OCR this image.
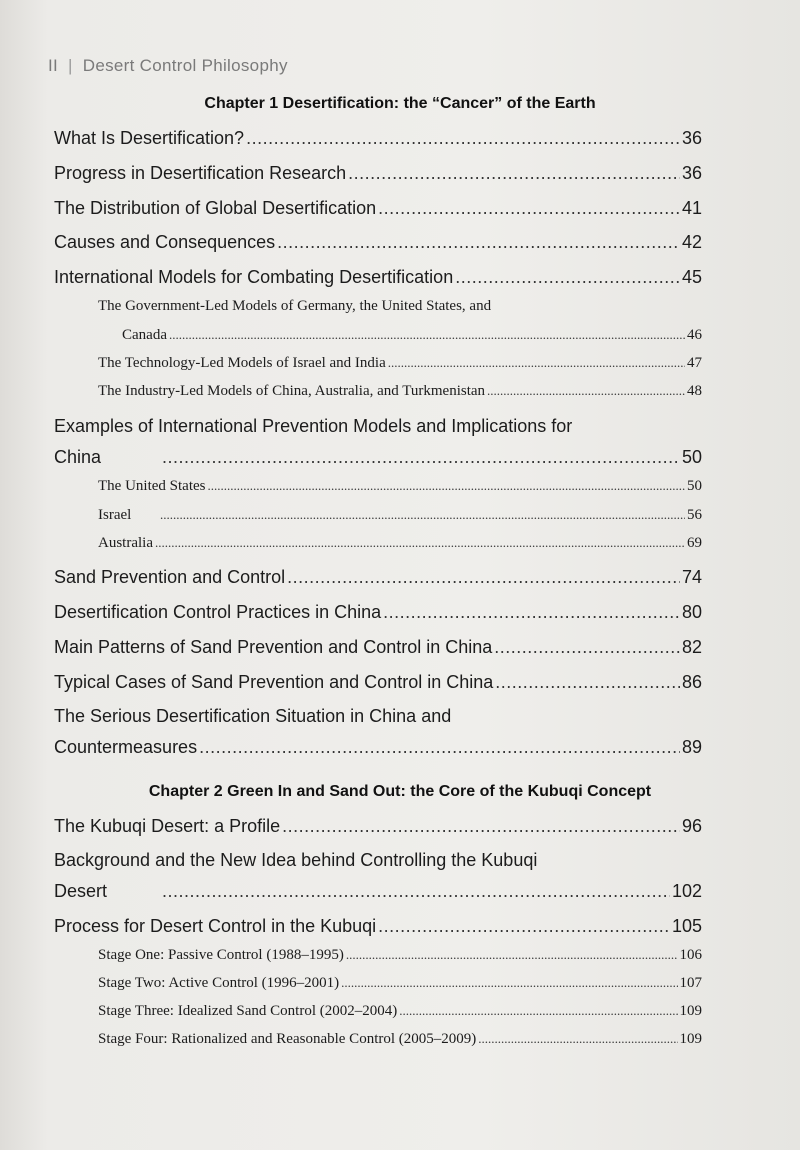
II | Desert Control Philosophy
Chapter 1 Desertification: the “Cancer” of the Earth
What Is Desertification? .....	36
Progress in Desertification Research .....	36
The Distribution of Global Desertification .....	41
Causes and Consequences .....	42
International Models for Combating Desertification .....	45
The Government-Led Models of Germany, the United States, and
Canada .....	46
The Technology-Led Models of Israel and India .....	47
The Industry-Led Models of China, Australia, and Turkmenistan .....	48
Examples of International Prevention Models and Implications for
China .....	50
The United States .....	50
Israel .....	56
Australia .....	69
Sand Prevention and Control .....	74
Desertification Control Practices in China .....	80
Main Patterns of Sand Prevention and Control in China .....	82
Typical Cases of Sand Prevention and Control in China .....	86
The Serious Desertification Situation in China and
Countermeasures .....	89
Chapter 2 Green In and Sand Out: the Core of the Kubuqi Concept
The Kubuqi Desert: a Profile .....	96
Background and the New Idea behind Controlling the Kubuqi
Desert .....	102
Process for Desert Control in the Kubuqi .....	105
Stage One: Passive Control (1988–1995) .....	106
Stage Two: Active Control (1996–2001) .....	107
Stage Three: Idealized Sand Control (2002–2004) .....	109
Stage Four: Rationalized and Reasonable Control (2005–2009) .....	109
